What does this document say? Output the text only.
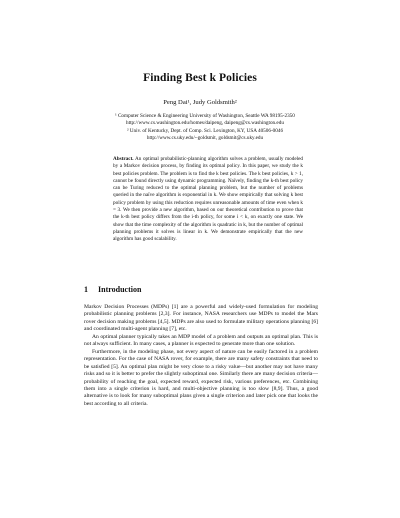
Finding Best k Policies
Peng Dai¹, Judy Goldsmith²
¹ Computer Science & Engineering University of Washington, Seattle WA 98195-2350
http://www.cs.washington.edu/homes/daipeng, daipeng@cs.washington.edu
² Univ. of Kentucky, Dept. of Comp. Sci. Lexington, KY, USA 40506-0046
http://www.cs.uky.edu/~goldsmit, goldsmit@cs.uky.edu
Abstract. An optimal probabilistic-planning algorithm solves a problem, usually modeled by a Markov decision process, by finding its optimal policy. In this paper, we study the k best policies problem. The problem is to find the k best policies. The k best policies, k > 1, cannot be found directly using dynamic programming. Naïvely, finding the k-th best policy can be Turing reduced to the optimal planning problem, but the number of problems queried in the naïve algorithm is exponential in k. We show empirically that solving k best policy problem by using this reduction requires unreasonable amounts of time even when k = 3. We then provide a new algorithm, based on our theoretical contribution to prove that the k-th best policy differs from the i-th policy, for some i < k, on exactly one state. We show that the time complexity of the algorithm is quadratic in k, but the number of optimal planning problems it solves is linear in k. We demonstrate empirically that the new algorithm has good scalability.
1 Introduction

Markov Decision Processes (MDPs) [1] are a powerful and widely-used formulation for modeling probabilistic planning problems [2,3]. For instance, NASA researchers use MDPs to model the Mars rover decision making problems [4,5]. MDPs are also used to formulate military operations planning [6] and coordinated multi-agent planning [7], etc.

An optimal planner typically takes an MDP model of a problem and outputs an optimal plan. This is not always sufficient. In many cases, a planner is expected to generate more than one solution.

Furthermore, in the modeling phase, not every aspect of nature can be easily factored in a problem representation. For the case of NASA rover, for example, there are many safety constraints that need to be satisfied [5]. An optimal plan might be very close to a risky value—but another may not have many risks and so it is better to prefer the slightly suboptimal one. Similarly there are many decision criteria—probability of reaching the goal, expected reward, expected risk, various preferences, etc. Combining them into a single criterion is hard, and multi-objective planning is too slow [8,9]. Thus, a good alternative is to look for many suboptimal plans given a single criterion and later pick one that looks the best according to all criteria.
